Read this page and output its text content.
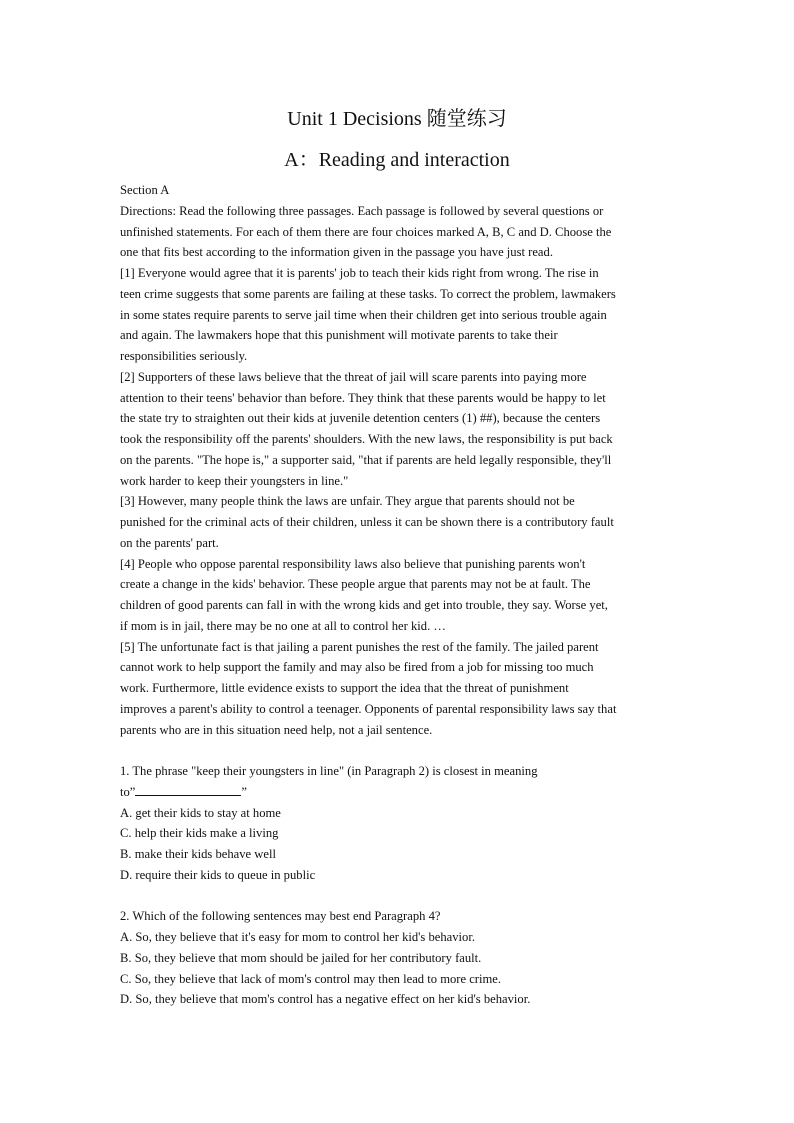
Unit 1 Decisions 随堂练习
A：Reading and interaction
Section A
Directions: Read the following three passages. Each passage is followed by several questions or
unfinished statements. For each of them there are four choices marked A, B, C and D. Choose the
one that fits best according to the information given in the passage you have just read.
[1] Everyone would agree that it is parents' job to teach their kids right from wrong. The rise in
teen crime suggests that some parents are failing at these tasks. To correct the problem, lawmakers
in some states require parents to serve jail time when their children get into serious trouble again
and again. The lawmakers hope that this punishment will motivate parents to take their
responsibilities seriously.
[2] Supporters of these laws believe that the threat of jail will scare parents into paying more
attention to their teens' behavior than before. They think that these parents would be happy to let
the state try to straighten out their kids at juvenile detention centers (1) ##), because the centers
took the responsibility off the parents' shoulders. With the new laws, the responsibility is put back
on the parents. "The hope is," a supporter said, "that if parents are held legally responsible, they'll
work harder to keep their youngsters in line."
[3] However, many people think the laws are unfair. They argue that parents should not be
punished for the criminal acts of their children, unless it can be shown there is a contributory fault
on the parents' part.
[4] People who oppose parental responsibility laws also believe that punishing parents won't
create a change in the kids' behavior. These people argue that parents may not be at fault. The
children of good parents can fall in with the wrong kids and get into trouble, they say. Worse yet,
if mom is in jail, there may be no one at all to control her kid. …
[5] The unfortunate fact is that jailing a parent punishes the rest of the family. The jailed parent
cannot work to help support the family and may also be fired from a job for missing too much
work. Furthermore, little evidence exists to support the idea that the threat of punishment
improves a parent's ability to control a teenager. Opponents of parental responsibility laws say that
parents who are in this situation need help, not a jail sentence.
1. The phrase "keep their youngsters in line" (in Paragraph 2) is closest in meaning
to”	”
A. get their kids to stay at home
C. help their kids make a living
B. make their kids behave well
D. require their kids to queue in public
2. Which of the following sentences may best end Paragraph 4?
A. So, they believe that it's easy for mom to control her kid's behavior.
B. So, they believe that mom should be jailed for her contributory fault.
C. So, they believe that lack of mom's control may then lead to more crime.
D. So, they believe that mom's control has a negative effect on her kid's behavior.
